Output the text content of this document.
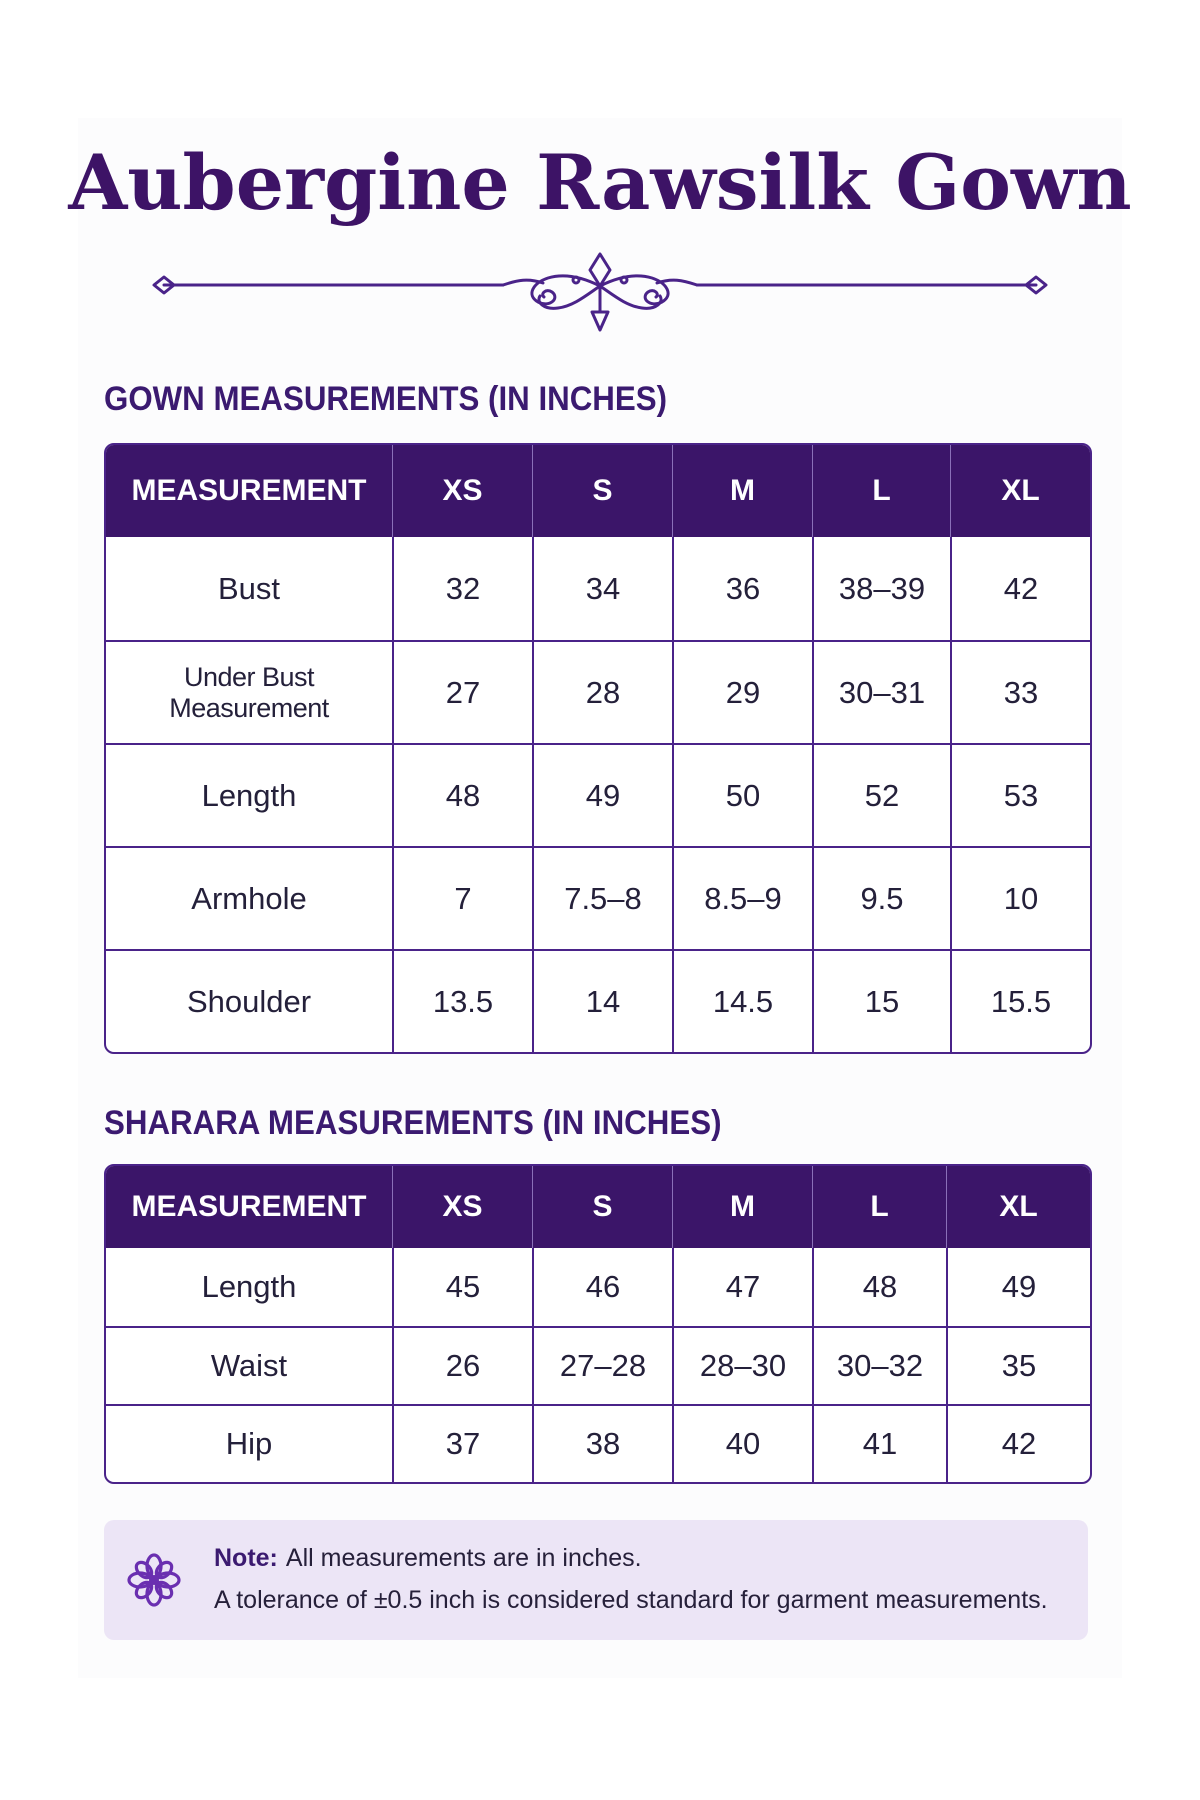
Aubergine Rawsilk Gown
GOWN MEASUREMENTS (IN INCHES)
MEASUREMENT	XS	S	M	L	XL
Bust	32	34	36	38–39	42
Under Bust Measurement	27	28	29	30–31	33
Length	48	49	50	52	53
Armhole	7	7.5–8	8.5–9	9.5	10
Shoulder	13.5	14	14.5	15	15.5
SHARARA MEASUREMENTS (IN INCHES)
MEASUREMENT	XS	S	M	L	XL
Length	45	46	47	48	49
Waist	26	27–28	28–30	30–32	35
Hip	37	38	40	41	42
Note: All measurements are in inches.
A tolerance of ±0.5 inch is considered standard for garment measurements.
